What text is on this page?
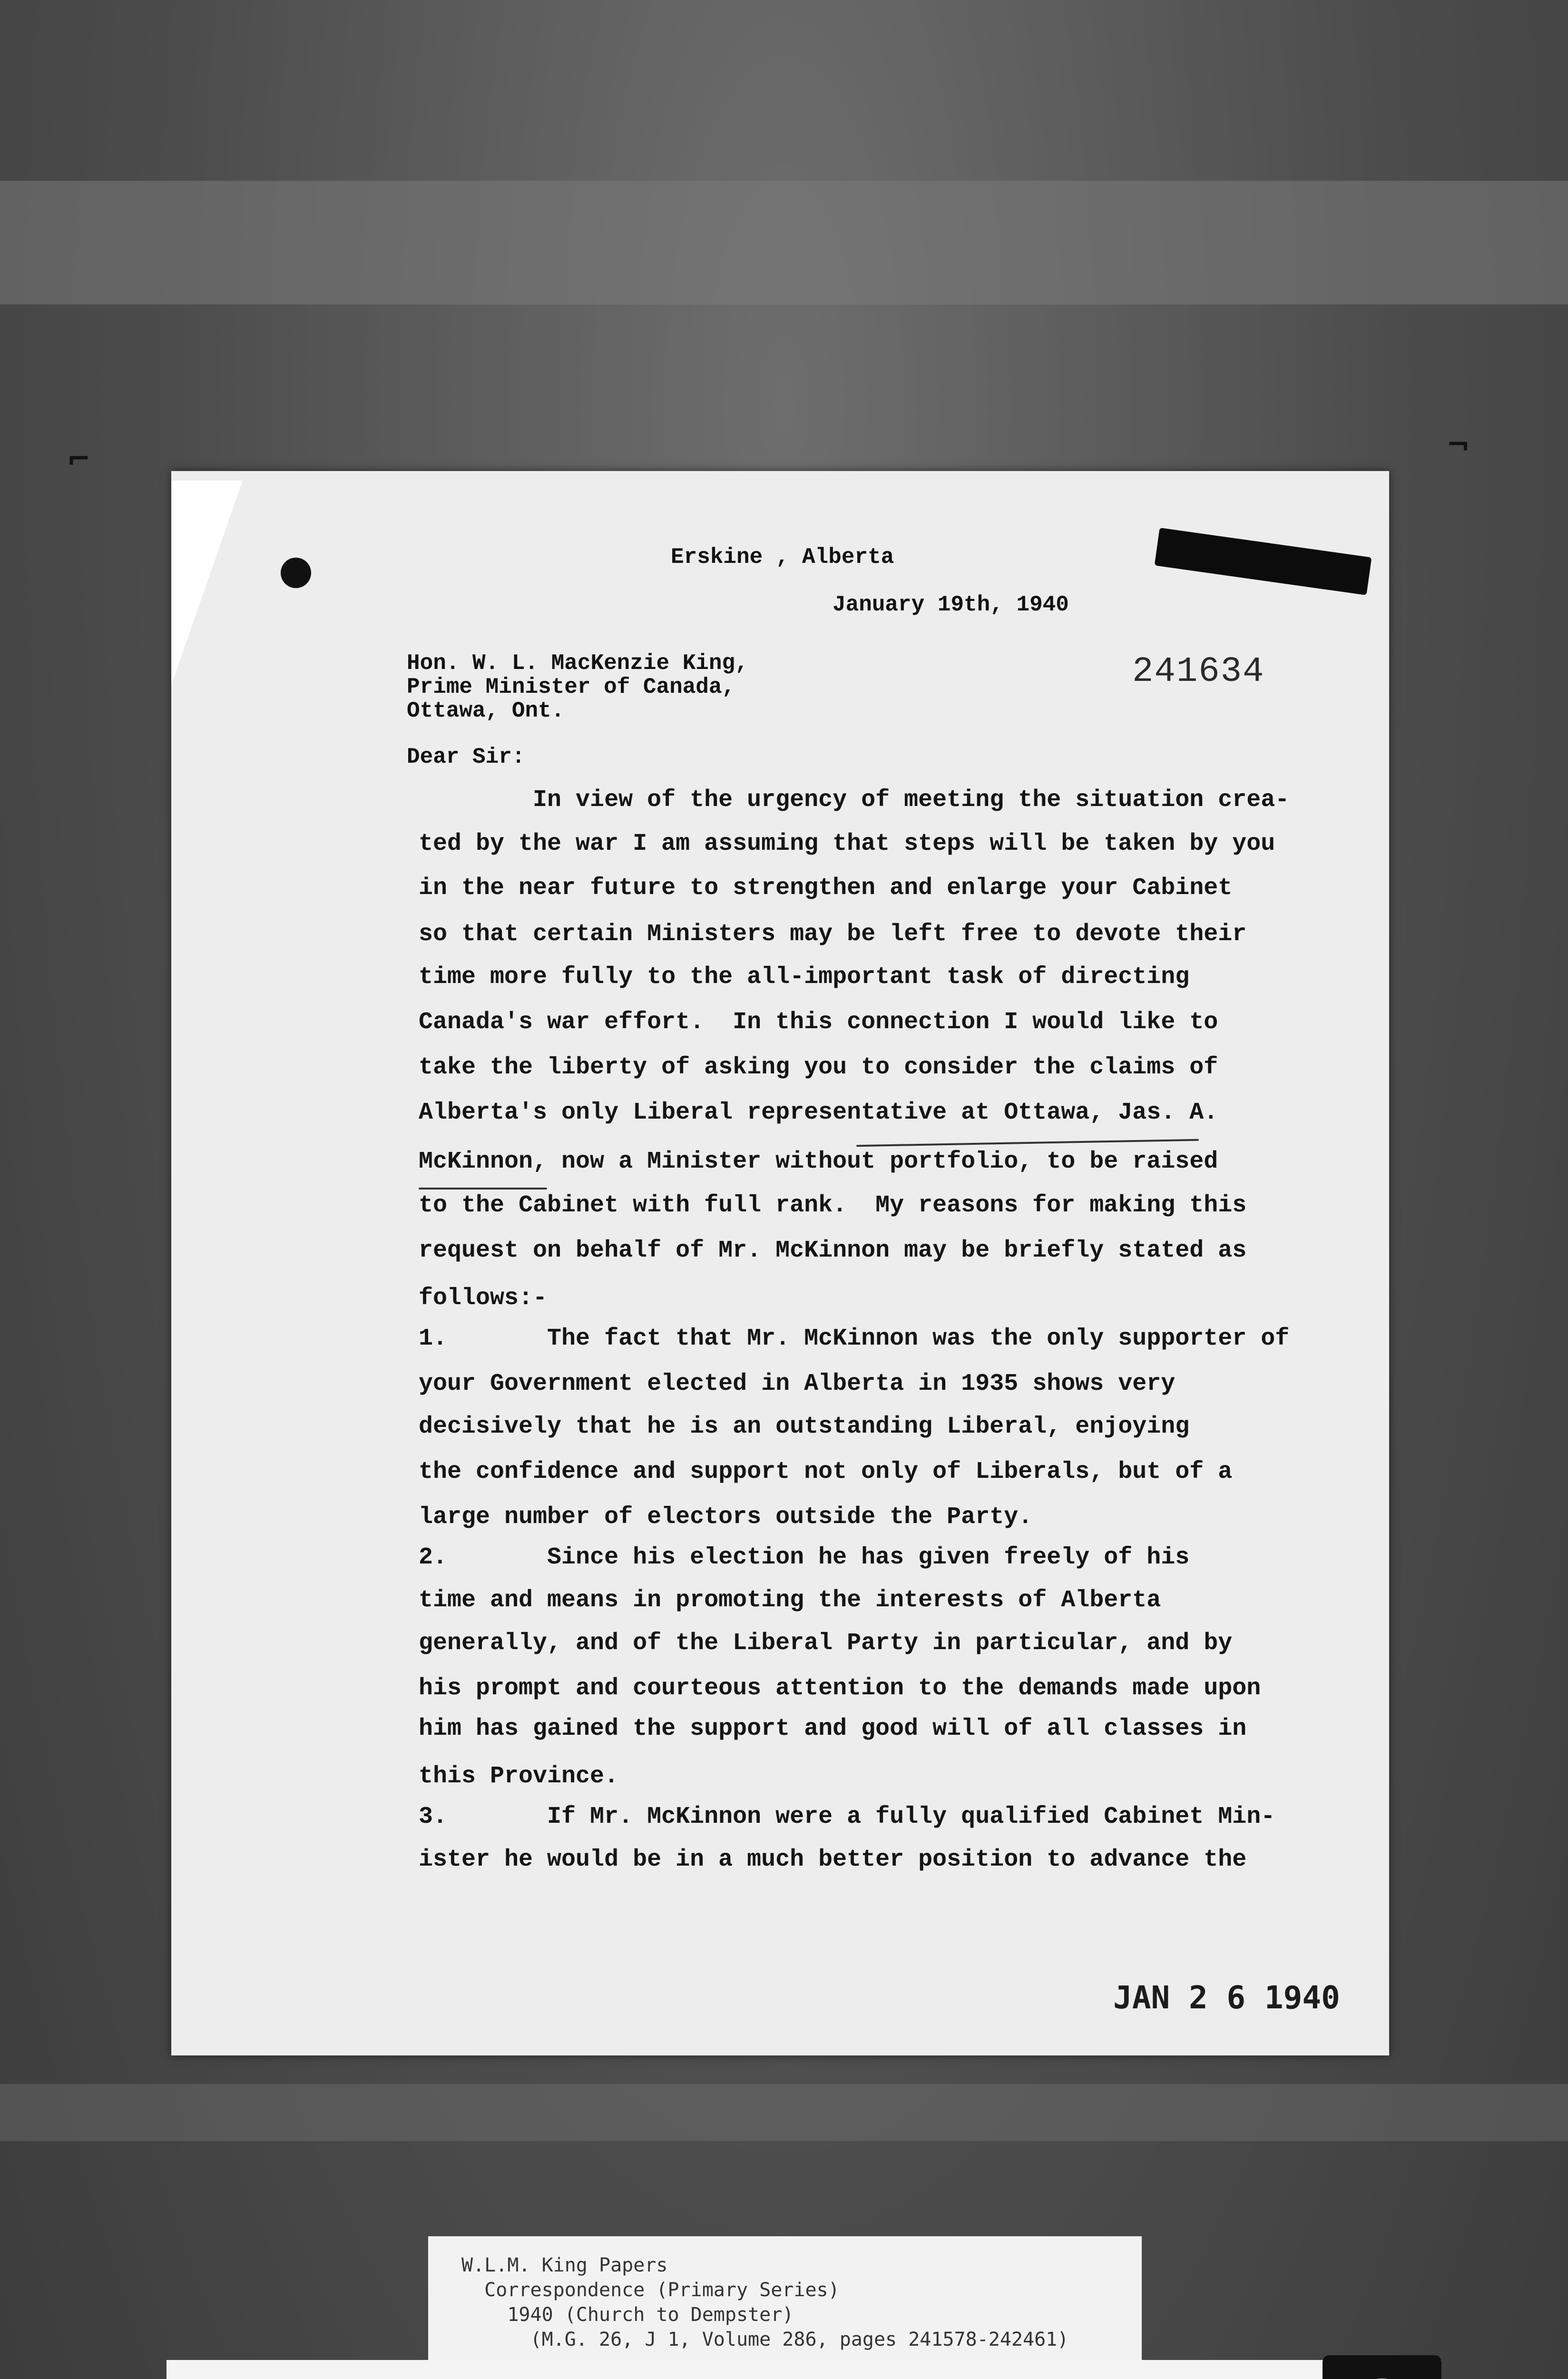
⌐	¬
Erskine , Alberta
January 19th, 1940
Hon. W. L. MacKenzie King,
Prime Minister of Canada,
Ottawa, Ont.
241634
Dear Sir:
In view of the urgency of meeting the situation crea-
ted by the war I am assuming that steps will be taken by you
in the near future to strengthen and enlarge your Cabinet
so that certain Ministers may be left free to devote their
time more fully to the all-important task of directing
Canada's war effort.  In this connection I would like to
take the liberty of asking you to consider the claims of
Alberta's only Liberal representative at Ottawa, Jas. A.
McKinnon, now a Minister without portfolio, to be raised
to the Cabinet with full rank.  My reasons for making this
request on behalf of Mr. McKinnon may be briefly stated as
follows:-
1.       The fact that Mr. McKinnon was the only supporter of
your Government elected in Alberta in 1935 shows very
decisively that he is an outstanding Liberal, enjoying
the confidence and support not only of Liberals, but of a
large number of electors outside the Party.
2.       Since his election he has given freely of his
time and means in promoting the interests of Alberta
generally, and of the Liberal Party in particular, and by
his prompt and courteous attention to the demands made upon
him has gained the support and good will of all classes in
this Province.
3.       If Mr. McKinnon were a fully qualified Cabinet Min-
ister he would be in a much better position to advance the
JAN 2 6 1940
W.L.M. King Papers
Correspondence (Primary Series)
1940 (Church to Dempster)
(M.G. 26, J 1, Volume 286, pages 241578-242461)
